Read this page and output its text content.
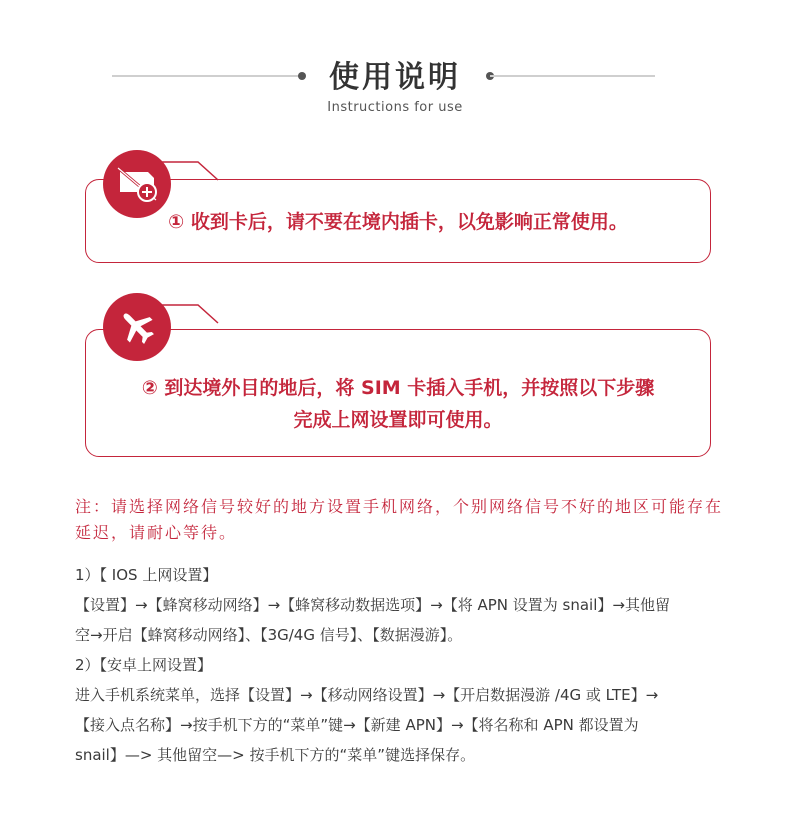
使用说明
Instructions for use
① 收到卡后，请不要在境内插卡，以免影响正常使用。
② 到达境外目的地后，将 SIM 卡插入手机，并按照以下步骤
完成上网设置即可使用。
注：请选择网络信号较好的地方设置手机网络，个别网络信号不好的地区可能存在延迟，请耐心等待。

1）【 IOS 上网设置】

【设置】→【蜂窝移动网络】→【蜂窝移动数据选项】→【将 APN 设置为 snail】→其他留

空→开启【蜂窝移动网络】、【3G/4G 信号】、【数据漫游】。

2）【安卓上网设置】

进入手机系统菜单，选择【设置】→【移动网络设置】→【开启数据漫游 /4G 或 LTE】→

【接入点名称】→按手机下方的“菜单”键→【新建 APN】→【将名称和 APN 都设置为

snail】—> 其他留空—> 按手机下方的“菜单”键选择保存。
